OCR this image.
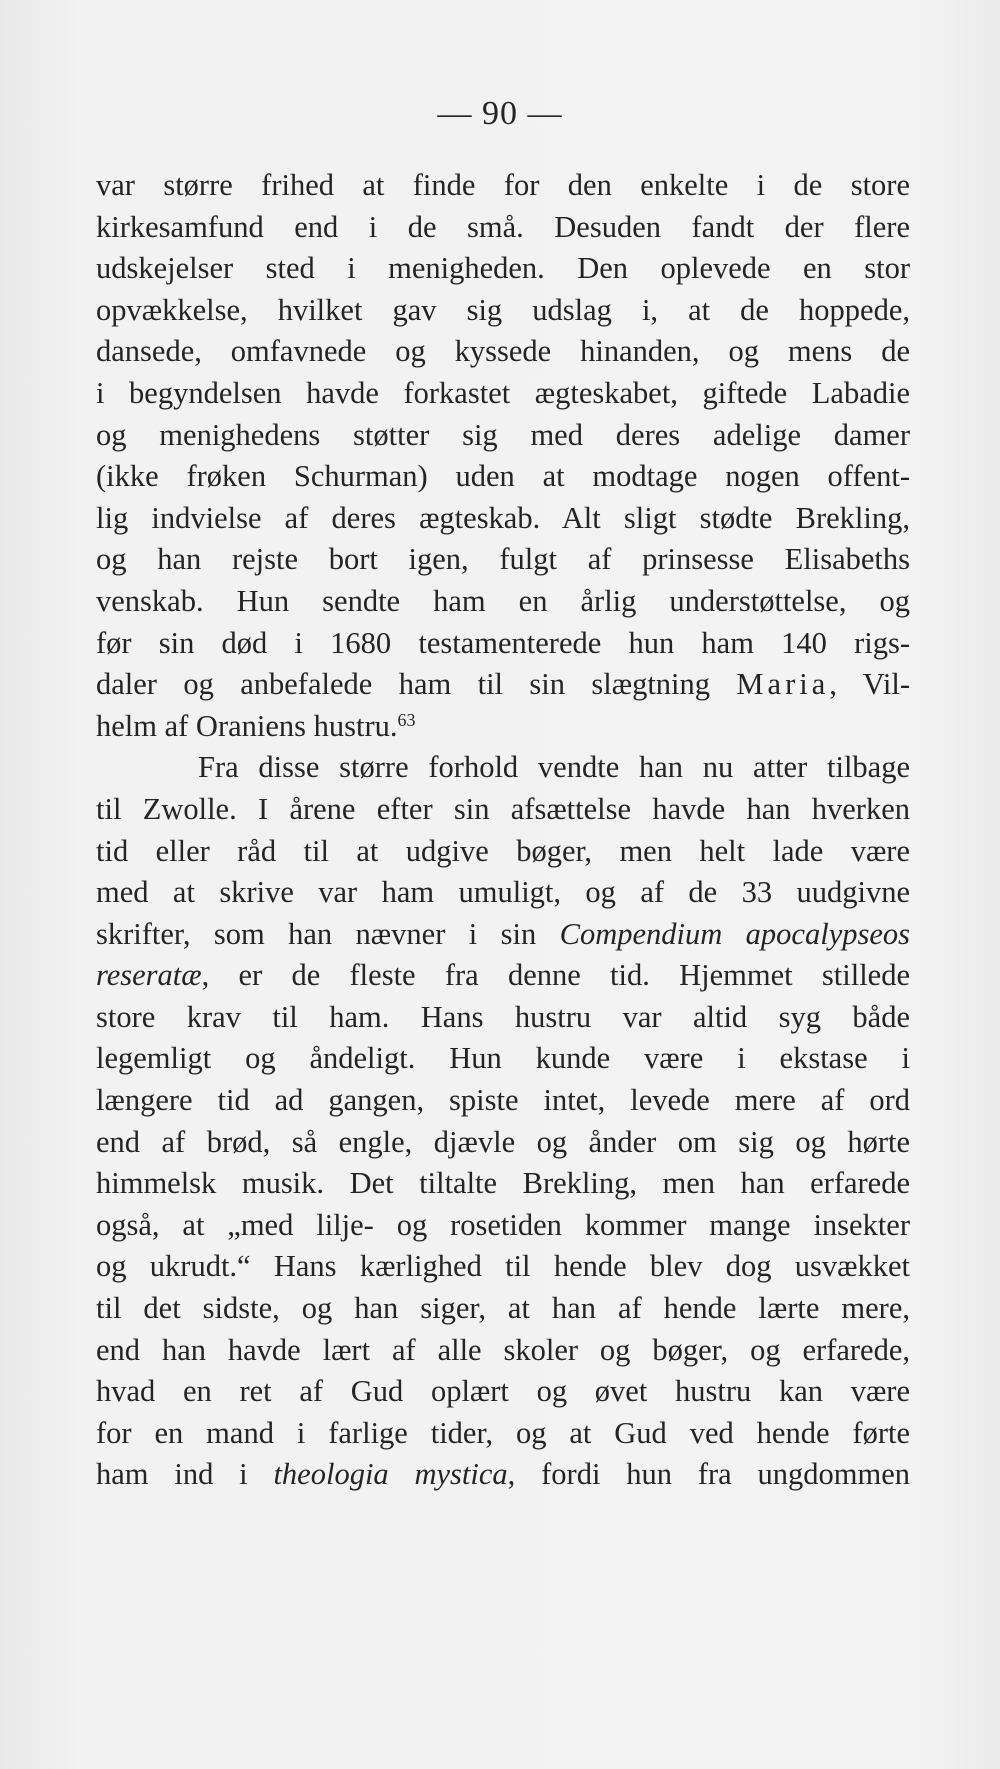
— 90 —
var større frihed at finde for den enkelte i de store
kirkesamfund end i de små. Desuden fandt der flere
udskejelser sted i menigheden. Den oplevede en stor
opvækkelse, hvilket gav sig udslag i, at de hoppede,
dansede, omfavnede og kyssede hinanden, og mens de
i begyndelsen havde forkastet ægteskabet, giftede Labadie
og menighedens støtter sig med deres adelige damer
(ikke frøken Schurman) uden at modtage nogen offent-
lig indvielse af deres ægteskab. Alt sligt stødte Brekling,
og han rejste bort igen, fulgt af prinsesse Elisabeths
venskab. Hun sendte ham en årlig understøttelse, og
før sin død i 1680 testamenterede hun ham 140 rigs-
daler og anbefalede ham til sin slægtning Maria, Vil-
helm af Oraniens hustru.$^{63}$
Fra disse større forhold vendte han nu atter tilbage
til Zwolle. I årene efter sin afsættelse havde han hverken
tid eller råd til at udgive bøger, men helt lade være
med at skrive var ham umuligt, og af de 33 uudgivne
skrifter, som han nævner i sin Compendium apocalypseos
reseratæ, er de fleste fra denne tid. Hjemmet stillede
store krav til ham. Hans hustru var altid syg både
legemligt og åndeligt. Hun kunde være i ekstase i
længere tid ad gangen, spiste intet, levede mere af ord
end af brød, så engle, djævle og ånder om sig og hørte
himmelsk musik. Det tiltalte Brekling, men han erfarede
også, at „med lilje- og rosetiden kommer mange insekter
og ukrudt.“ Hans kærlighed til hende blev dog usvækket
til det sidste, og han siger, at han af hende lærte mere,
end han havde lært af alle skoler og bøger, og erfarede,
hvad en ret af Gud oplært og øvet hustru kan være
for en mand i farlige tider, og at Gud ved hende førte
ham ind i theologia mystica, fordi hun fra ungdommen
